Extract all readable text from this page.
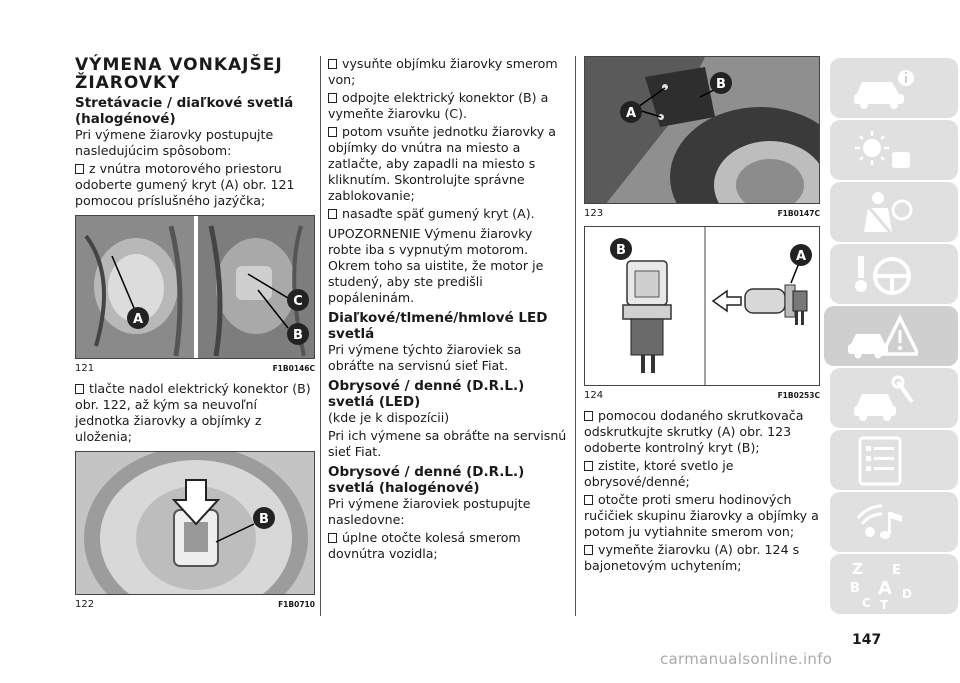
VÝMENA VONKAJŠEJ ŽIAROVKY
Stretávacie / diaľkové svetlá (halogénové)

Pri výmene žiarovky postupujte nasledujúcim spôsobom:

z vnútra motorového priestoru odoberte gumený kryt (A) obr. 121 pomocou príslušného jazýčka;
A
C
B
121	F1B0146C
tlačte nadol elektrický konektor (B) obr. 122, až kým sa neuvoľní jednotka žiarovky a objímky z uloženia;
B
122	F1B0710
vysuňte objímku žiarovky smerom von;
odpojte elektrický konektor (B) a vymeňte žiarovku (C).
potom vsuňte jednotku žiarovky a objímky do vnútra na miesto a zatlačte, aby zapadli na miesto s kliknutím. Skontrolujte správne zablokovanie;
nasaďte späť gumený kryt (A).

UPOZORNENIE Výmenu žiarovky robte iba s vypnutým motorom. Okrem toho sa uistite, že motor je studený, aby ste predišli popáleninám.

Diaľkové/tlmené/hmlové LED svetlá

Pri výmene týchto žiaroviek sa obráťte na servisnú sieť Fiat.

Obrysové / denné (D.R.L.) svetlá (LED)

(kde je k dispozícii)

Pri ich výmene sa obráťte na servisnú sieť Fiat.

Obrysové / denné (D.R.L.) svetlá (halogénové)

Pri výmene žiaroviek postupujte nasledovne:

úplne otočte kolesá smerom dovnútra vozidla;
A
B
123	F1B0147C
B	A
124	F1B0253C
pomocou dodaného skrutkovača odskrutkujte skrutky (A) obr. 123 odoberte kontrolný kryt (B);
zistite, ktoré svetlo je obrysové/denné;
otočte proti smeru hodinových ručičiek skupinu žiarovky a objímky a potom ju vytiahnite smerom von;
vymeňte žiarovku (A) obr. 124 s bajonetovým uchytením;	Z E
B A
C T
D
147
carmanualsonline.info
